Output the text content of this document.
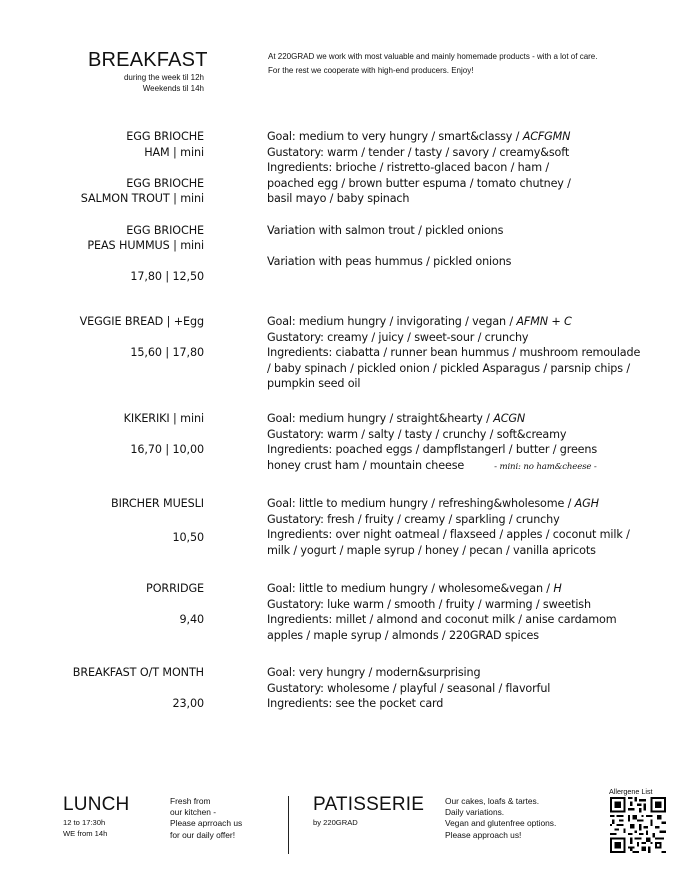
BREAKFAST
during the week til 12h
Weekends til 14h
At 220GRAD we work with most valuable and mainly homemade products - with a lot of care.
For the rest we cooperate with high-end producers. Enjoy!
EGG BRIOCHE
HAM | mini
EGG BRIOCHE
SALMON TROUT | mini
EGG BRIOCHE
PEAS HUMMUS | mini
17,80 | 12,50
Goal: medium to very hungry / smart&classy / ACFGMN
Gustatory: warm / tender / tasty / savory / creamy&soft
Ingredients: brioche / ristretto-glaced bacon / ham /
poached egg / brown butter espuma / tomato chutney /
basil mayo / baby spinach
Variation with salmon trout / pickled onions
Variation with peas hummus / pickled onions
VEGGIE BREAD | +Egg
15,60 | 17,80
Goal: medium hungry / invigorating / vegan / AFMN + C
Gustatory: creamy / juicy / sweet-sour / crunchy
Ingredients: ciabatta / runner bean hummus / mushroom remoulade
/ baby spinach / pickled onion / pickled Asparagus / parsnip chips /
pumpkin seed oil
KIKERIKI | mini
16,70 | 10,00
Goal: medium hungry / straight&hearty / ACGN
Gustatory: warm / salty / tasty / crunchy / soft&creamy
Ingredients: poached eggs / dampflstangerl / butter / greens
honey crust ham / mountain cheese	- mini: no ham&cheese -
BIRCHER MUESLI
10,50
Goal: little to medium hungry / refreshing&wholesome / AGH
Gustatory: fresh / fruity / creamy / sparkling / crunchy
Ingredients: over night oatmeal / flaxseed / apples / coconut milk /
milk / yogurt / maple syrup / honey / pecan / vanilla apricots
PORRIDGE
9,40
Goal: little to medium hungry / wholesome&vegan / H
Gustatory: luke warm / smooth / fruity / warming / sweetish
Ingredients: millet / almond and coconut milk / anise cardamom
apples / maple syrup / almonds / 220GRAD spices
BREAKFAST O/T MONTH
23,00
Goal: very hungry / modern&surprising
Gustatory: wholesome / playful / seasonal / flavorful
Ingredients: see the pocket card
LUNCH
12 to 17:30h
WE from 14h
Fresh from
our kitchen -
Please aprroach us
for our daily offer!
PATISSERIE
by 220GRAD
Our cakes, loafs & tartes.
Daily variations.
Vegan and glutenfree options.
Please approach us!
Allergene List
